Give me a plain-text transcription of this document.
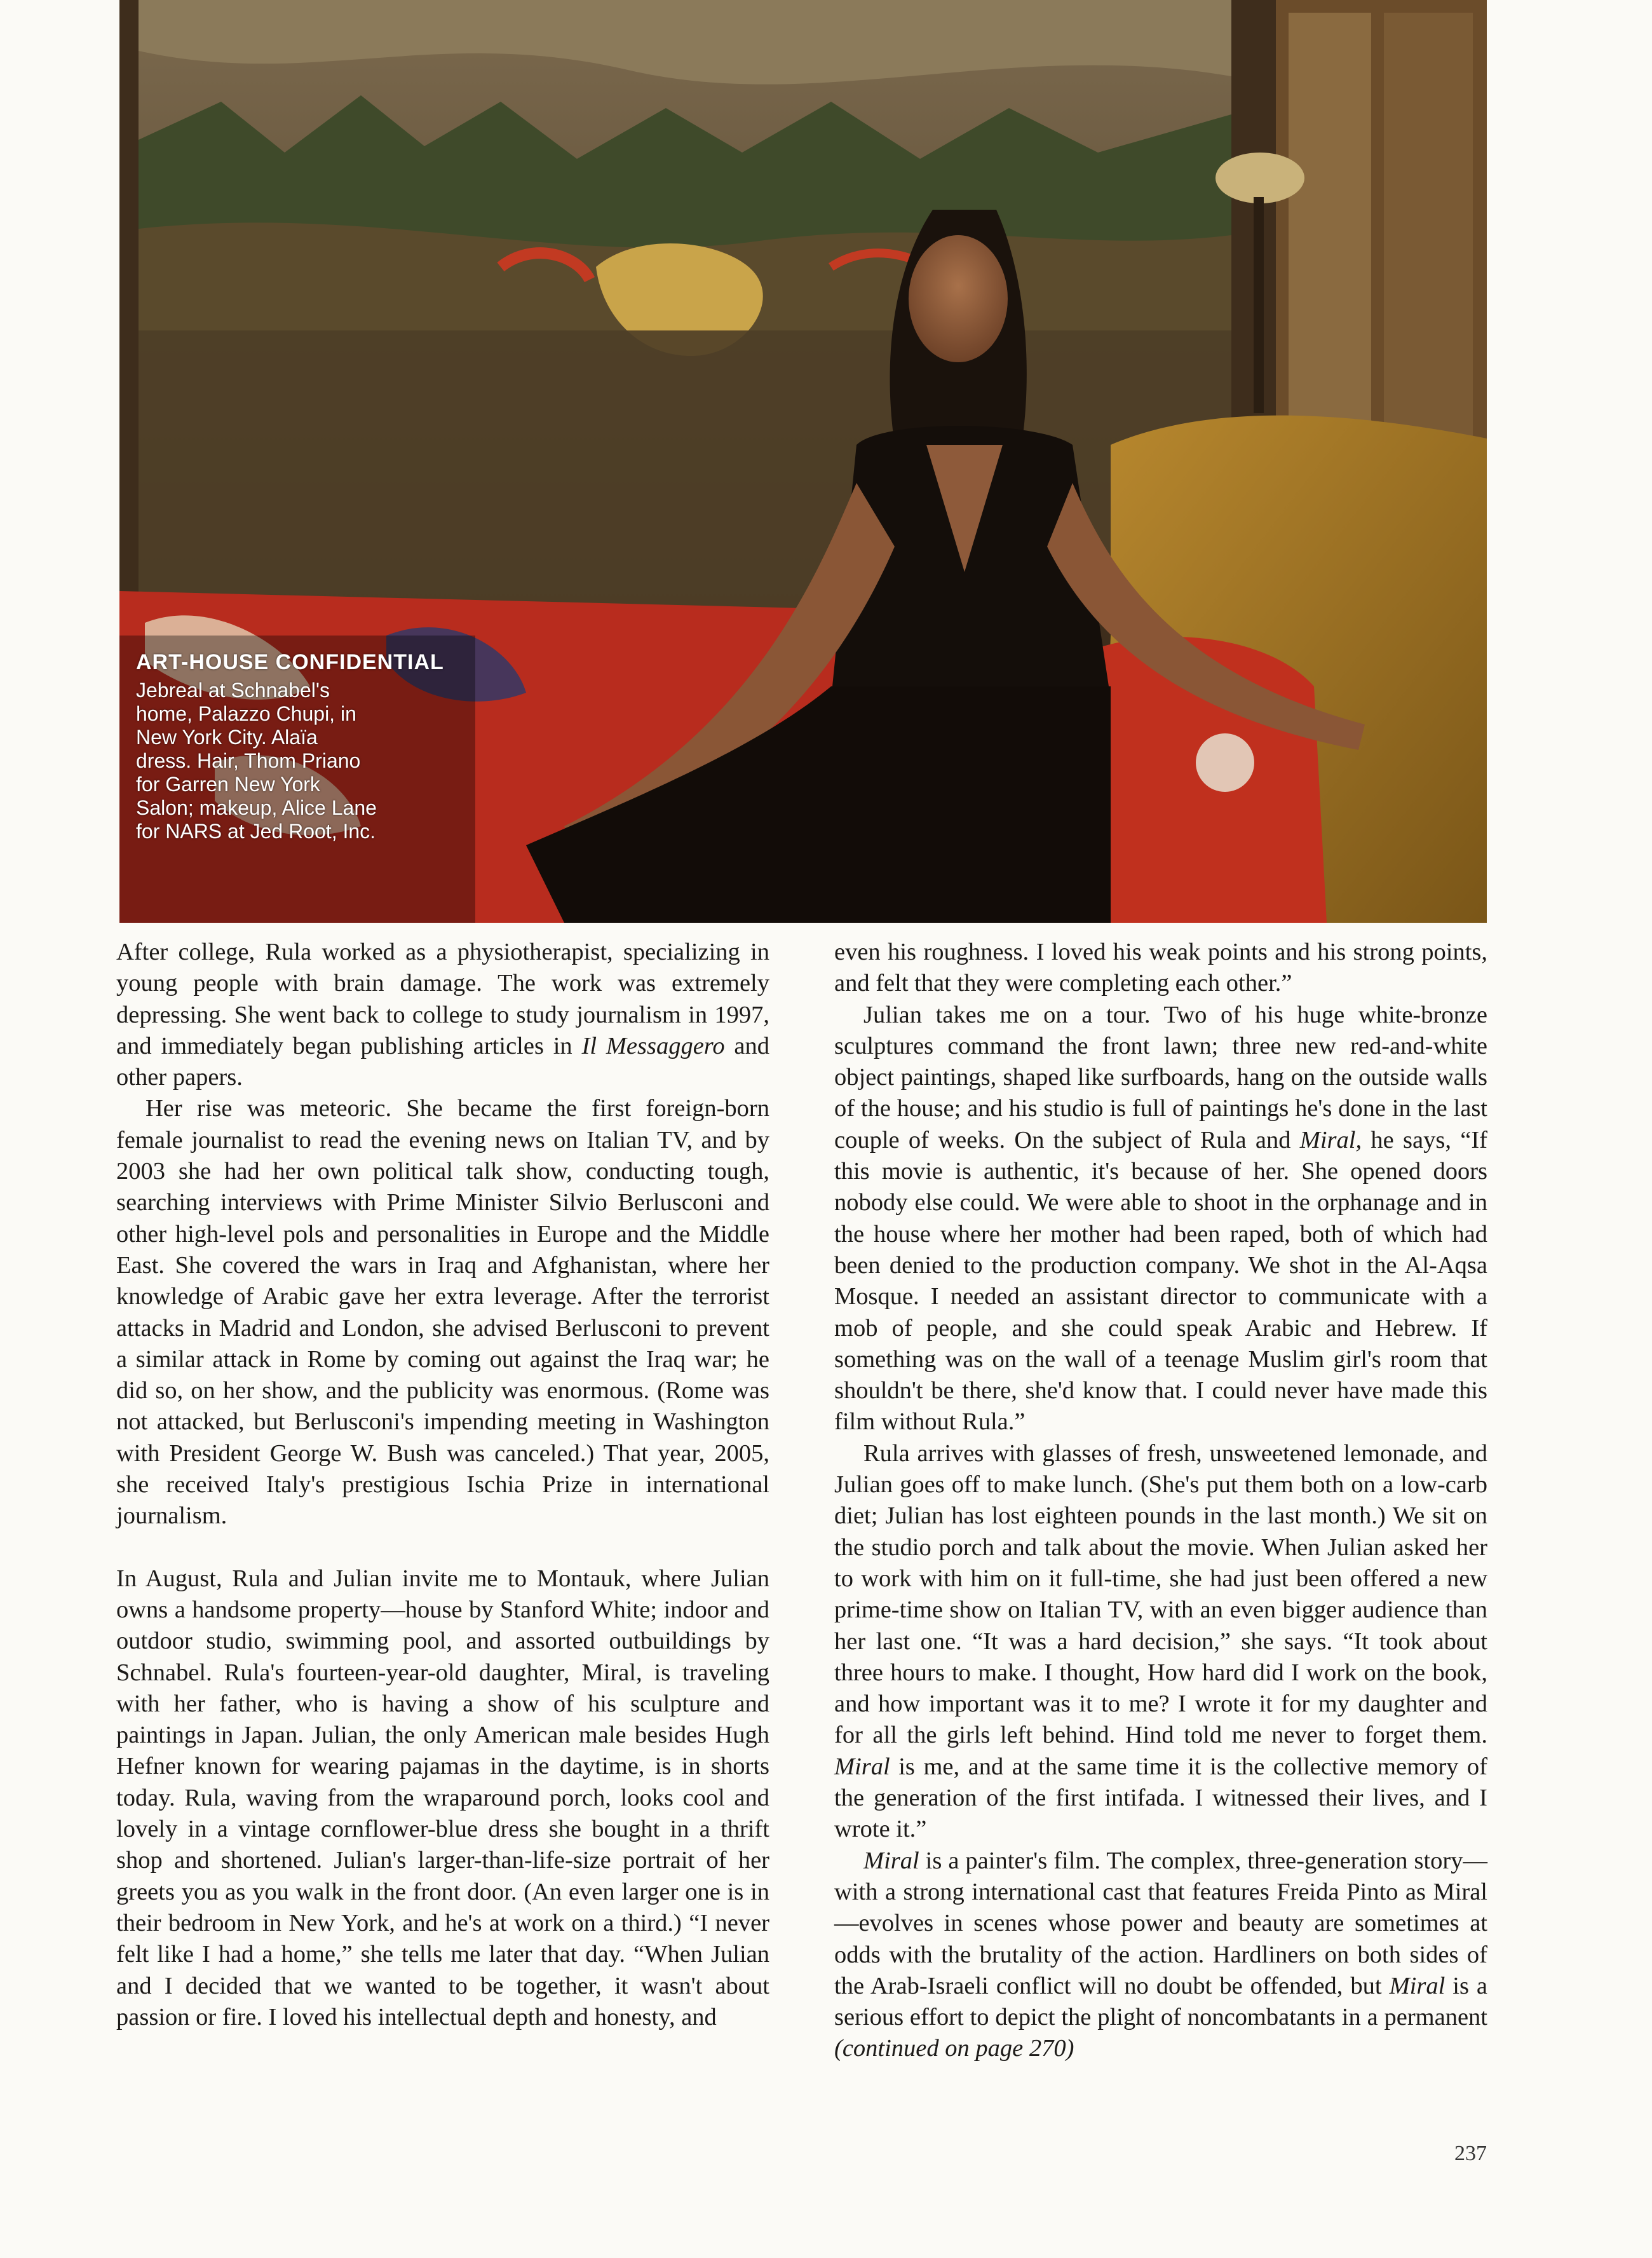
ART-HOUSE CONFIDENTIAL

Jebreal at Schnabel's home, Palazzo Chupi, in New York City. Alaïa dress. Hair, Thom Priano for Garren New York Salon; makeup, Alice Lane for NARS at Jed Root, Inc.

After college, Rula worked as a physiotherapist, specializing in young people with brain damage. The work was extremely depressing. She went back to college to study journalism in 1997, and immediately began publishing articles in Il Messaggero and other papers.

Her rise was meteoric. She became the first foreign-born female journalist to read the evening news on Italian TV, and by 2003 she had her own political talk show, conducting tough, searching interviews with Prime Minister Silvio Berlusconi and other high-level pols and personalities in Europe and the Middle East. She covered the wars in Iraq and Afghanistan, where her knowledge of Arabic gave her extra leverage. After the terrorist attacks in Madrid and London, she advised Berlusconi to prevent a similar attack in Rome by coming out against the Iraq war; he did so, on her show, and the publicity was enormous. (Rome was not attacked, but Berlusconi's impending meeting in Washington with President George W. Bush was canceled.) That year, 2005, she received Italy's prestigious Ischia Prize in international journalism.

In August, Rula and Julian invite me to Montauk, where Julian owns a handsome property—house by Stanford White; indoor and outdoor studio, swimming pool, and assorted outbuildings by Schnabel. Rula's fourteen-year-old daughter, Miral, is traveling with her father, who is having a show of his sculpture and paintings in Japan. Julian, the only American male besides Hugh Hefner known for wearing pajamas in the daytime, is in shorts today. Rula, waving from the wraparound porch, looks cool and lovely in a vintage cornflower-blue dress she bought in a thrift shop and shortened. Julian's larger-than-life-size portrait of her greets you as you walk in the front door. (An even larger one is in their bedroom in New York, and he's at work on a third.) “I never felt like I had a home,” she tells me later that day. “When Julian and I decided that we wanted to be together, it wasn't about passion or fire. I loved his intellectual depth and honesty, and

even his roughness. I loved his weak points and his strong points, and felt that they were completing each other.”

Julian takes me on a tour. Two of his huge white-bronze sculptures command the front lawn; three new red-and-white object paintings, shaped like surfboards, hang on the outside walls of the house; and his studio is full of paintings he's done in the last couple of weeks. On the subject of Rula and Miral, he says, “If this movie is authentic, it's because of her. She opened doors nobody else could. We were able to shoot in the orphanage and in the house where her mother had been raped, both of which had been denied to the production company. We shot in the Al-Aqsa Mosque. I needed an assistant director to communicate with a mob of people, and she could speak Arabic and Hebrew. If something was on the wall of a teenage Muslim girl's room that shouldn't be there, she'd know that. I could never have made this film without Rula.”

Rula arrives with glasses of fresh, unsweetened lemonade, and Julian goes off to make lunch. (She's put them both on a low-carb diet; Julian has lost eighteen pounds in the last month.) We sit on the studio porch and talk about the movie. When Julian asked her to work with him on it full-time, she had just been offered a new prime-time show on Italian TV, with an even bigger audience than her last one. “It was a hard decision,” she says. “It took about three hours to make. I thought, How hard did I work on the book, and how important was it to me? I wrote it for my daughter and for all the girls left behind. Hind told me never to forget them. Miral is me, and at the same time it is the collective memory of the generation of the first intifada. I witnessed their lives, and I wrote it.”

Miral is a painter's film. The complex, three-generation story—with a strong international cast that features Freida Pinto as Miral—evolves in scenes whose power and beauty are sometimes at odds with the brutality of the action. Hardliners on both sides of the Arab-Israeli conflict will no doubt be offended, but Miral is a serious effort to depict the plight of noncombatants in a permanent (continued on page 270)

237
